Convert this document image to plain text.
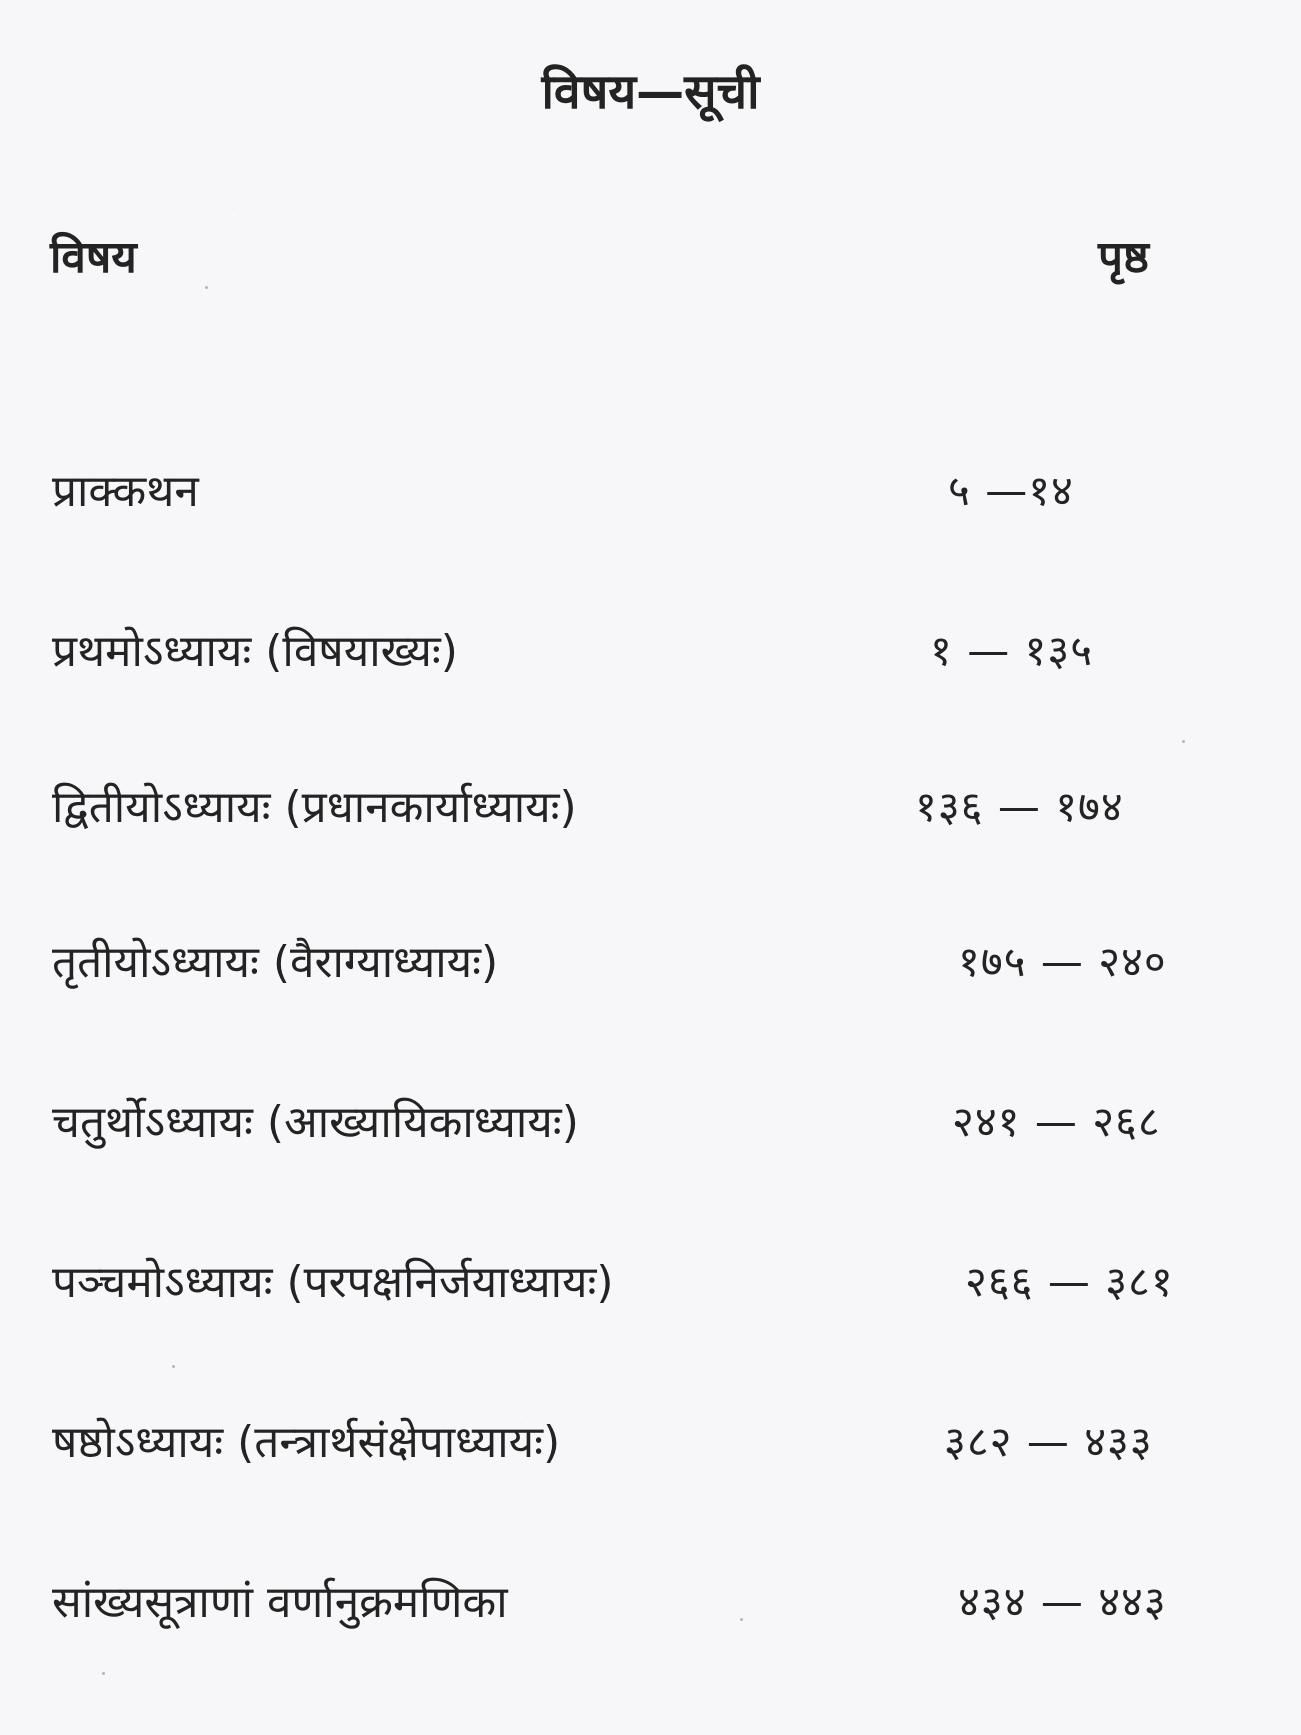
विषय—सूची
विषय	पृष्ठ
प्राक्कथन	५ —१४
प्रथमोऽध्यायः (विषयाख्यः)	१ — १३५
द्वितीयोऽध्यायः (प्रधानकार्याध्यायः)	१३६ — १७४
तृतीयोऽध्यायः (वैराग्याध्यायः)	१७५ — २४०
चतुर्थोऽध्यायः (आख्यायिकाध्यायः)	२४१ — २६८
पञ्चमोऽध्यायः (परपक्षनिर्जयाध्यायः)	२६६ — ३८१
षष्ठोऽध्यायः (तन्त्रार्थसंक्षेपाध्यायः)	३८२ — ४३३
सांख्यसूत्राणां वर्णानुक्रमणिका	४३४ — ४४३
